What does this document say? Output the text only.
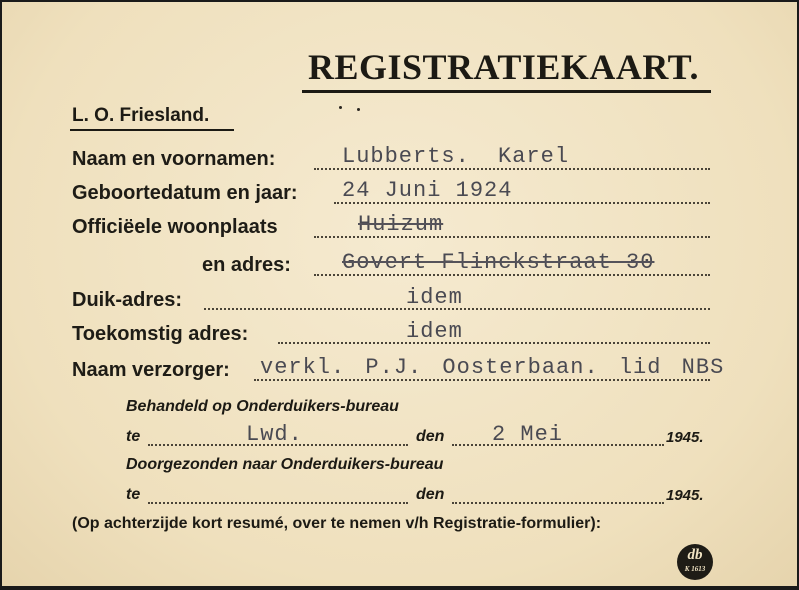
REGISTRATIEKAART.
L. O. Friesland.
Naam en voornamen:	Lubberts. Karel
Geboortedatum en jaar: 24 Juni 1924
Officiëele woonplaats	Huizum
en adres: Govert Flinckstraat 30
Duik-adres:	idem
Toekomstig adres:	idem
Naam verzorger: verkl. P.J. Oosterbaan. lid NBS
Behandeld op Onderduikers-bureau
te	Lwd.	den 2 Mei	1945.
Doorgezonden naar Onderduikers-bureau
te	den	1945.
(Op achterzijde kort resumé, over te nemen v/h Registratie-formulier):
db
K 1613
